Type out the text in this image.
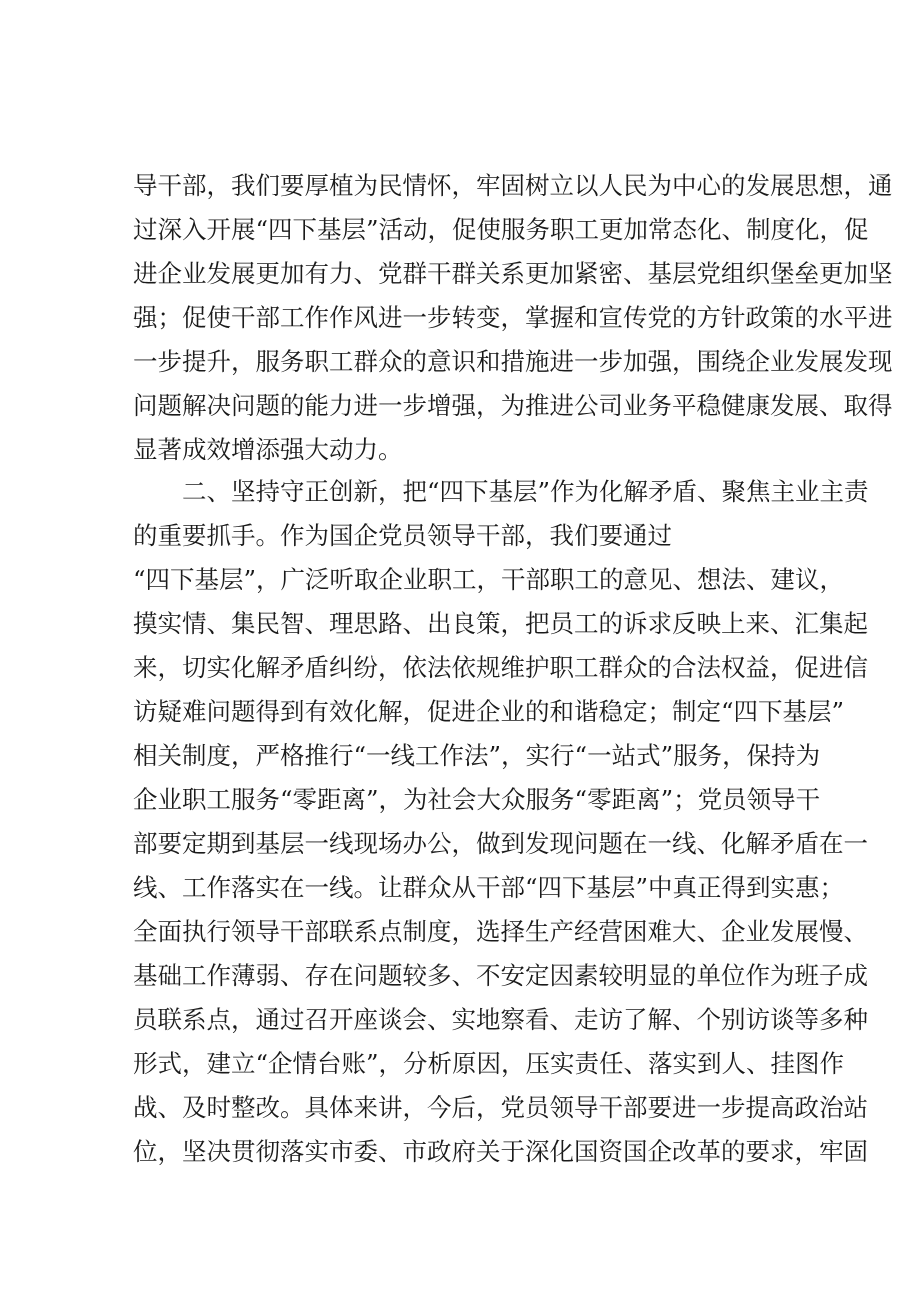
导干部，我们要厚植为民情怀，牢固树立以人民为中心的发展思想，通
过深入开展“四下基层”活动，促使服务职工更加常态化、制度化，促
进企业发展更加有力、党群干群关系更加紧密、基层党组织堡垒更加坚
强；促使干部工作作风进一步转变，掌握和宣传党的方针政策的水平进
一步提升，服务职工群众的意识和措施进一步加强，围绕企业发展发现
问题解决问题的能力进一步增强，为推进公司业务平稳健康发展、取得
显著成效增添强大动力。
二、坚持守正创新，把“四下基层”作为化解矛盾、聚焦主业主责
的重要抓手。作为国企党员领导干部，我们要通过
“四下基层”，广泛听取企业职工，干部职工的意见、想法、建议，
摸实情、集民智、理思路、出良策，把员工的诉求反映上来、汇集起
来，切实化解矛盾纠纷，依法依规维护职工群众的合法权益，促进信
访疑难问题得到有效化解，促进企业的和谐稳定；制定“四下基层”
相关制度，严格推行“一线工作法”，实行“一站式”服务，保持为
企业职工服务“零距离”，为社会大众服务“零距离”；党员领导干
部要定期到基层一线现场办公，做到发现问题在一线、化解矛盾在一
线、工作落实在一线。让群众从干部“四下基层”中真正得到实惠；
全面执行领导干部联系点制度，选择生产经营困难大、企业发展慢、
基础工作薄弱、存在问题较多、不安定因素较明显的单位作为班子成
员联系点，通过召开座谈会、实地察看、走访了解、个别访谈等多种
形式，建立“企情台账”，分析原因，压实责任、落实到人、挂图作
战、及时整改。具体来讲，今后，党员领导干部要进一步提高政治站
位，坚决贯彻落实市委、市政府关于深化国资国企改革的要求，牢固
